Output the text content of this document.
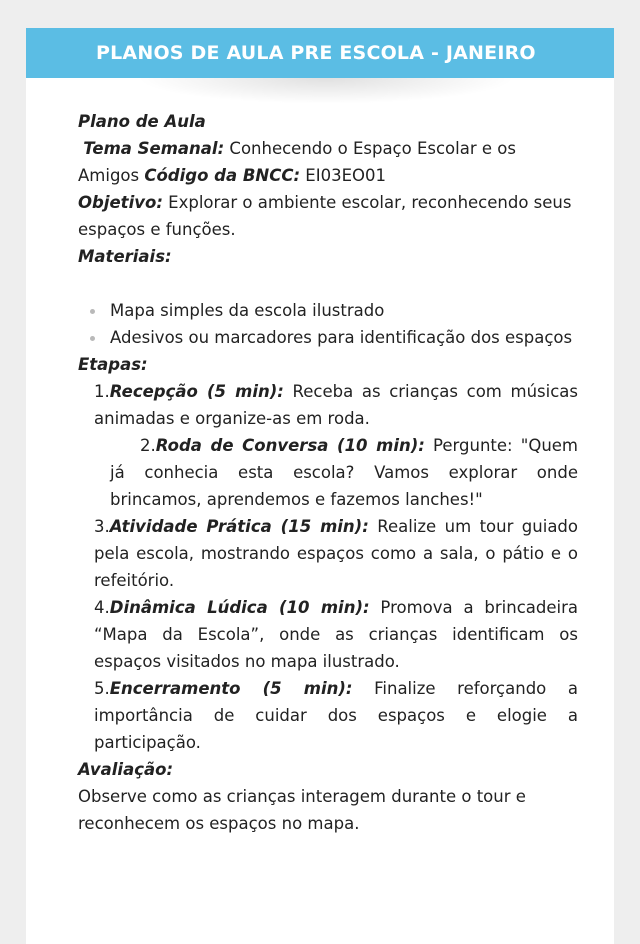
PLANOS DE AULA PRE ESCOLA - JANEIRO

Plano de Aula

Tema Semanal: Conhecendo o Espaço Escolar e os Amigos Código da BNCC: EI03EO01

Objetivo: Explorar o ambiente escolar, reconhecendo seus espaços e funções.

Materiais:

Mapa simples da escola ilustrado
Adesivos ou marcadores para identificação dos espaços

Etapas:

1.Recepção (5 min): Receba as crianças com músicas animadas e organize-as em roda.
2.Roda de Conversa (10 min): Pergunte: "Quem já conhecia esta escola? Vamos explorar onde brincamos, aprendemos e fazemos lanches!"
3.Atividade Prática (15 min): Realize um tour guiado pela escola, mostrando espaços como a sala, o pátio e o refeitório.
4.Dinâmica Lúdica (10 min): Promova a brincadeira “Mapa da Escola”, onde as crianças identificam os espaços visitados no mapa ilustrado.
5.Encerramento (5 min): Finalize reforçando a importância de cuidar dos espaços e elogie a participação.

Avaliação:

Observe como as crianças interagem durante o tour e reconhecem os espaços no mapa.
